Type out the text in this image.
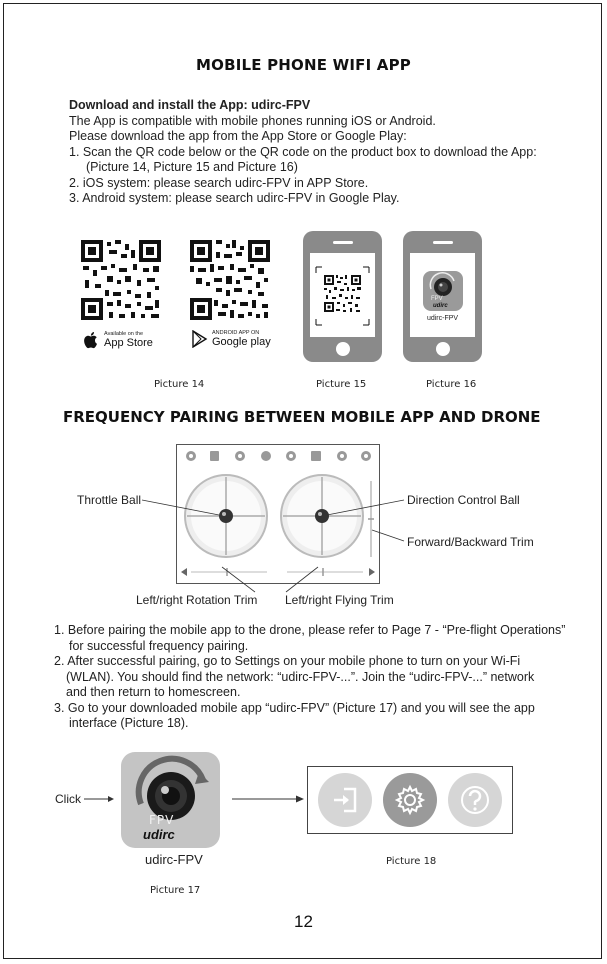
MOBILE PHONE WIFI APP
Download and install the App: udirc-FPV
The App is compatible with mobile phones running iOS or Android.
Please download the app from the App Store or Google Play:
1. Scan the QR code below or the QR code on the product box to download the App:
(Picture 14, Picture 15 and Picture 16)
2. iOS system: please search udirc-FPV in APP Store.
3. Android system: please search udirc-FPV in Google Play.
Available on the
App Store
ANDROID APP ON
Google play
FPV
udirc
udirc-FPV
Picture 14	Picture 15	Picture 16
FREQUENCY PAIRING BETWEEN MOBILE APP AND DRONE
Throttle Ball	Direction Control Ball
Forward/Backward Trim
Left/right Rotation Trim Left/right Flying Trim
1. Before pairing the mobile app to the drone, please refer to Page 7 - “Pre-flight Operations”
for successful frequency pairing.
2. After successful pairing, go to Settings on your mobile phone to turn on your Wi-Fi
(WLAN). You should find the network: “udirc-FPV-...”. Join the “udirc-FPV-...” network
and then return to homescreen.
3. Go to your downloaded mobile app “udirc-FPV” (Picture 17) and you will see the app
interface (Picture 18).
Click
FPV
udirc
udirc-FPV
Picture 17
Picture 18
12
